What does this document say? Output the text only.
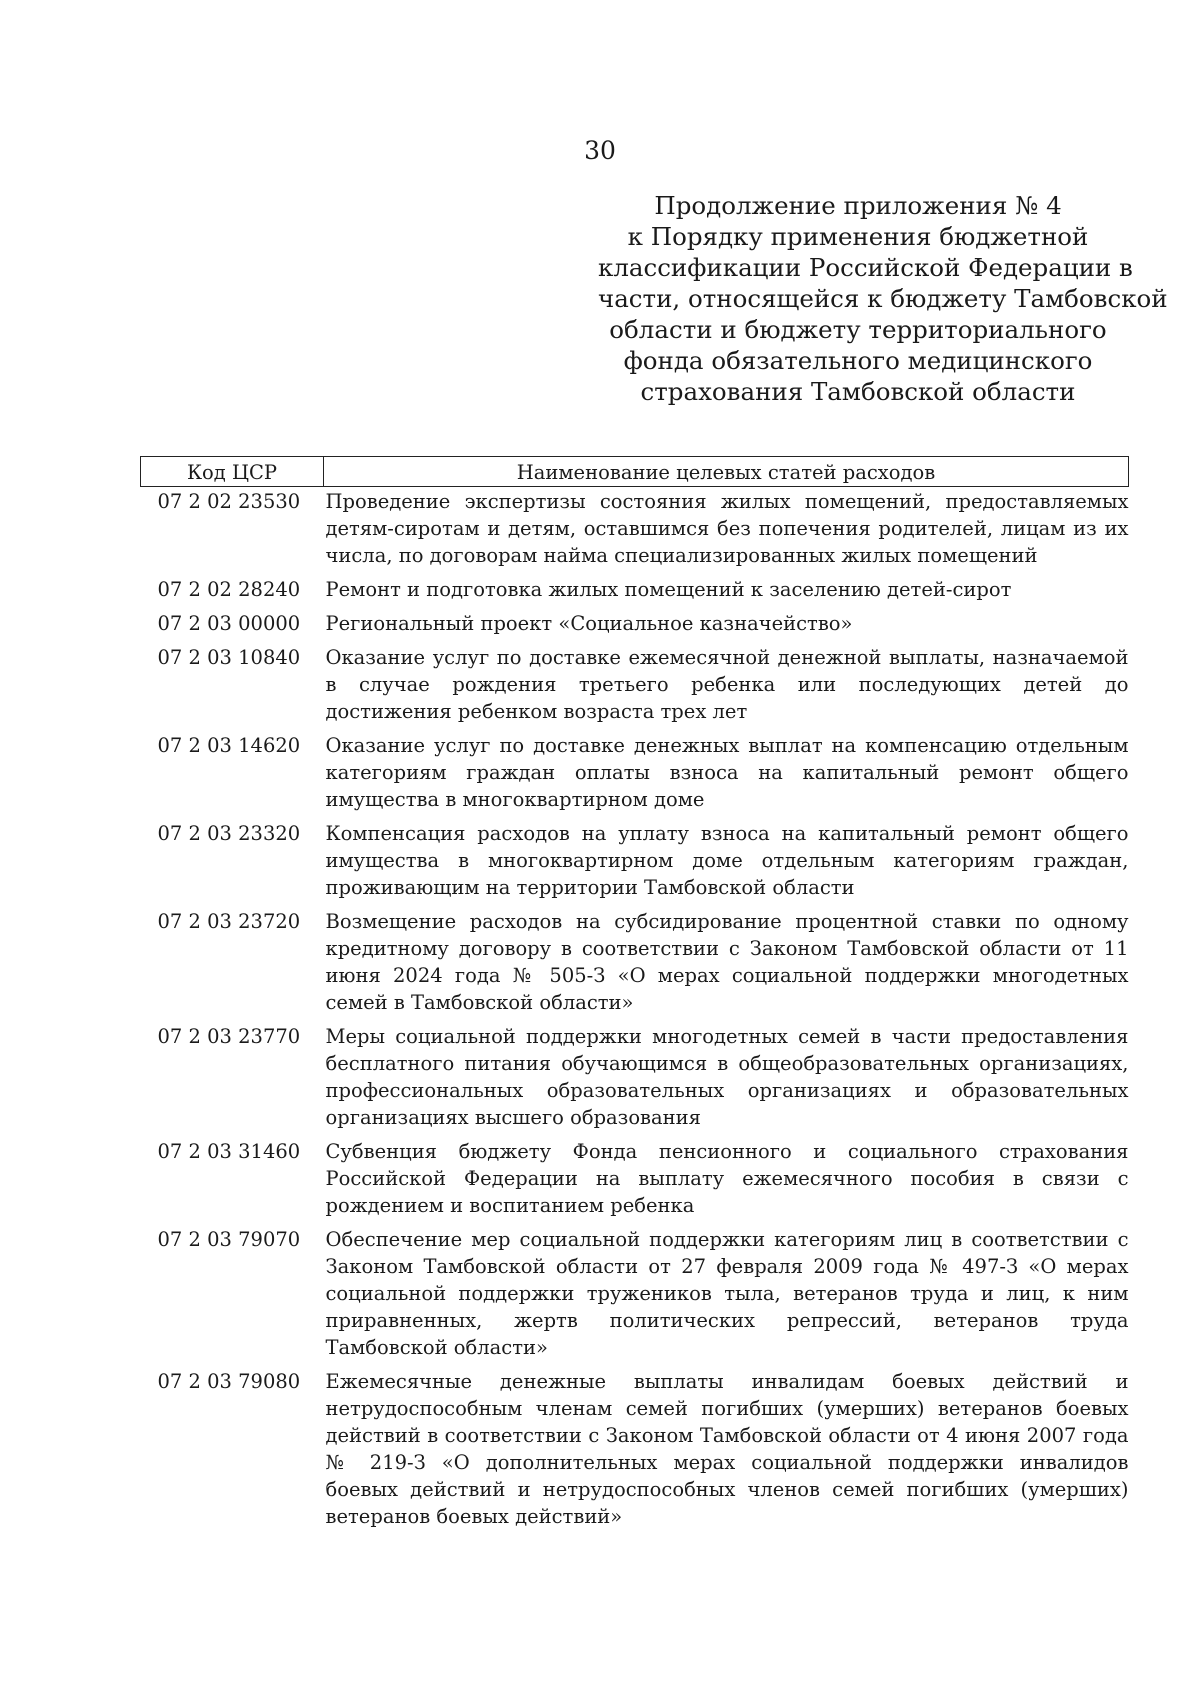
30
Продолжение приложения № 4
к Порядку применения бюджетной
классификации Российской Федерации в
части, относящейся к бюджету Тамбовской
области и бюджету территориального
фонда обязательного медицинского
страхования Тамбовской области
Код ЦСР	Наименование целевых статей расходов
07 2 02 23530	Проведение экспертизы состояния жилых помещений, предоставляемых детям-сиротам и детям, оставшимся без попечения родителей, лицам из их числа, по договорам найма специализированных жилых помещений
07 2 02 28240	Ремонт и подготовка жилых помещений к заселению детей-сирот
07 2 03 00000	Региональный проект «Социальное казначейство»
07 2 03 10840	Оказание услуг по доставке ежемесячной денежной выплаты, назначаемой в случае рождения третьего ребенка или последующих детей до достижения ребенком возраста трех лет
07 2 03 14620	Оказание услуг по доставке денежных выплат на компенсацию отдельным категориям граждан оплаты взноса на капитальный ремонт общего имущества в многоквартирном доме
07 2 03 23320	Компенсация расходов на уплату взноса на капитальный ремонт общего имущества в многоквартирном доме отдельным категориям граждан, проживающим на территории Тамбовской области
07 2 03 23720	Возмещение расходов на субсидирование процентной ставки по одному кредитному договору в соответствии с Законом Тамбовской области от 11 июня 2024 года № 505-З «О мерах социальной поддержки многодетных семей в Тамбовской области»
07 2 03 23770	Меры социальной поддержки многодетных семей в части предоставления бесплатного питания обучающимся в общеобразовательных организациях, профессиональных образовательных организациях и образовательных организациях высшего образования
07 2 03 31460	Субвенция бюджету Фонда пенсионного и социального страхования Российской Федерации на выплату ежемесячного пособия в связи с рождением и воспитанием ребенка
07 2 03 79070	Обеспечение мер социальной поддержки категориям лиц в соответствии с Законом Тамбовской области от 27 февраля 2009 года № 497-З «О мерах социальной поддержки тружеников тыла, ветеранов труда и лиц, к ним приравненных, жертв политических репрессий, ветеранов труда Тамбовской области»
07 2 03 79080	Ежемесячные денежные выплаты инвалидам боевых действий и нетрудоспособным членам семей погибших (умерших) ветеранов боевых действий в соответствии с Законом Тамбовской области от 4 июня 2007 года № 219-З «О дополнительных мерах социальной поддержки инвалидов боевых действий и нетрудоспособных членов семей погибших (умерших) ветеранов боевых действий»
